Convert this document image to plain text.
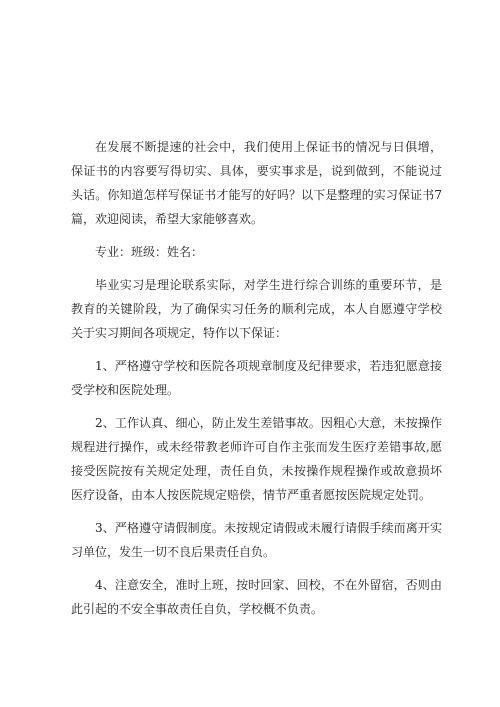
在发展不断提速的社会中，我们使用上保证书的情况与日俱增，保证书的内容要写得切实、具体，要实事求是，说到做到，不能说过头话。你知道怎样写保证书才能写的好吗？以下是整理的实习保证书7篇，欢迎阅读，希望大家能够喜欢。

专业：班级：姓名：

毕业实习是理论联系实际，对学生进行综合训练的重要环节，是教育的关键阶段，为了确保实习任务的顺利完成，本人自愿遵守学校关于实习期间各项规定，特作以下保证：

1、严格遵守学校和医院各项规章制度及纪律要求，若违犯愿意接受学校和医院处理。

2、工作认真、细心，防止发生差错事故。因粗心大意，未按操作规程进行操作，或未经带教老师许可自作主张而发生医疗差错事故,愿接受医院按有关规定处理，责任自负，未按操作规程操作或故意损坏医疗设备，由本人按医院规定赔偿，情节严重者愿按医院规定处罚。

3、严格遵守请假制度。未按规定请假或未履行请假手续而离开实习单位，发生一切不良后果责任自负。

4、注意安全，准时上班，按时回家、回校，不在外留宿，否则由此引起的不安全事故责任自负，学校概不负责。
